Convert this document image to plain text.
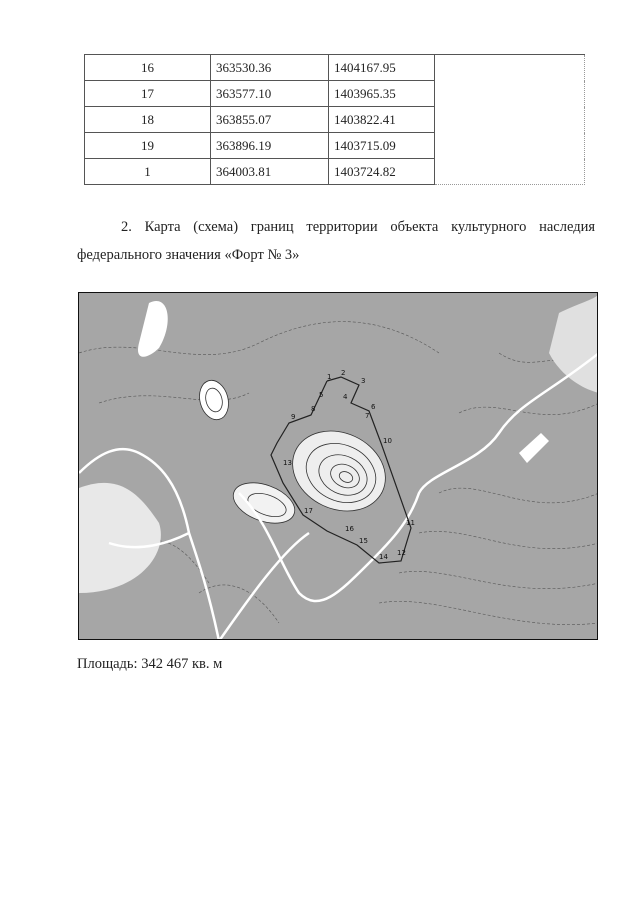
16	363530.36	1404167.95	
17	363577.10	1403965.35	
18	363855.07	1403822.41	
19	363896.19	1403715.09	
1	364003.81	1403724.82	
2. Карта (схема) границ территории объекта культурного наследия
федерального значения «Форт № 3»
1 2
3
4
5
6
7
8
9
10
11
12
13
14
15
16
17
Площадь: 342 467 кв. м
